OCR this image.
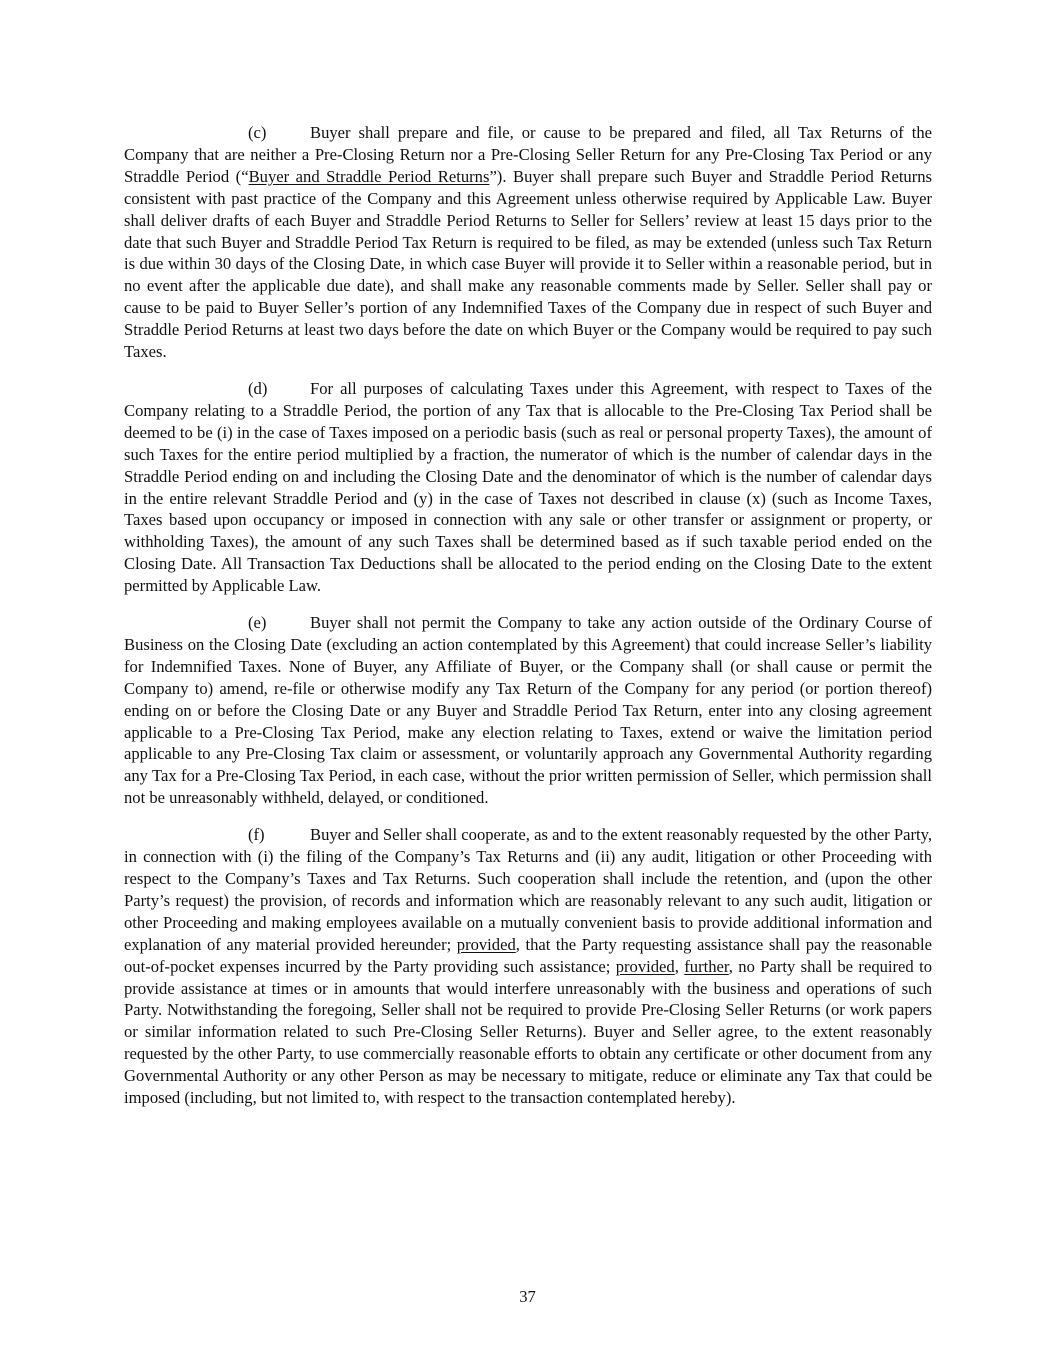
(c)	Buyer shall prepare and file, or cause to be prepared and filed, all Tax Returns of the Company that are neither a Pre-Closing Return nor a Pre-Closing Seller Return for any Pre-Closing Tax Period or any Straddle Period (“Buyer and Straddle Period Returns”). Buyer shall prepare such Buyer and Straddle Period Returns consistent with past practice of the Company and this Agreement unless otherwise required by Applicable Law. Buyer shall deliver drafts of each Buyer and Straddle Period Returns to Seller for Sellers’ review at least 15 days prior to the date that such Buyer and Straddle Period Tax Return is required to be filed, as may be extended (unless such Tax Return is due within 30 days of the Closing Date, in which case Buyer will provide it to Seller within a reasonable period, but in no event after the applicable due date), and shall make any reasonable comments made by Seller. Seller shall pay or cause to be paid to Buyer Seller’s portion of any Indemnified Taxes of the Company due in respect of such Buyer and Straddle Period Returns at least two days before the date on which Buyer or the Company would be required to pay such Taxes.

(d)	For all purposes of calculating Taxes under this Agreement, with respect to Taxes of the Company relating to a Straddle Period, the portion of any Tax that is allocable to the Pre-Closing Tax Period shall be deemed to be (i) in the case of Taxes imposed on a periodic basis (such as real or personal property Taxes), the amount of such Taxes for the entire period multiplied by a fraction, the numerator of which is the number of calendar days in the Straddle Period ending on and including the Closing Date and the denominator of which is the number of calendar days in the entire relevant Straddle Period and (y) in the case of Taxes not described in clause (x) (such as Income Taxes, Taxes based upon occupancy or imposed in connection with any sale or other transfer or assignment or property, or withholding Taxes), the amount of any such Taxes shall be determined based as if such taxable period ended on the Closing Date. All Transaction Tax Deductions shall be allocated to the period ending on the Closing Date to the extent permitted by Applicable Law.

(e)	Buyer shall not permit the Company to take any action outside of the Ordinary Course of Business on the Closing Date (excluding an action contemplated by this Agreement) that could increase Seller’s liability for Indemnified Taxes. None of Buyer, any Affiliate of Buyer, or the Company shall (or shall cause or permit the Company to) amend, re-file or otherwise modify any Tax Return of the Company for any period (or portion thereof) ending on or before the Closing Date or any Buyer and Straddle Period Tax Return, enter into any closing agreement applicable to a Pre-Closing Tax Period, make any election relating to Taxes, extend or waive the limitation period applicable to any Pre-Closing Tax claim or assessment, or voluntarily approach any Governmental Authority regarding any Tax for a Pre-Closing Tax Period, in each case, without the prior written permission of Seller, which permission shall not be unreasonably withheld, delayed, or conditioned.

(f)	Buyer and Seller shall cooperate, as and to the extent reasonably requested by the other Party, in connection with (i) the filing of the Company’s Tax Returns and (ii) any audit, litigation or other Proceeding with respect to the Company’s Taxes and Tax Returns. Such cooperation shall include the retention, and (upon the other Party’s request) the provision, of records and information which are reasonably relevant to any such audit, litigation or other Proceeding and making employees available on a mutually convenient basis to provide additional information and explanation of any material provided hereunder; provided, that the Party requesting assistance shall pay the reasonable out-of-pocket expenses incurred by the Party providing such assistance; provided, further, no Party shall be required to provide assistance at times or in amounts that would interfere unreasonably with the business and operations of such Party. Notwithstanding the foregoing, Seller shall not be required to provide Pre-Closing Seller Returns (or work papers or similar information related to such Pre-Closing Seller Returns). Buyer and Seller agree, to the extent reasonably requested by the other Party, to use commercially reasonable efforts to obtain any certificate or other document from any Governmental Authority or any other Person as may be necessary to mitigate, reduce or eliminate any Tax that could be imposed (including, but not limited to, with respect to the transaction contemplated hereby).

37
